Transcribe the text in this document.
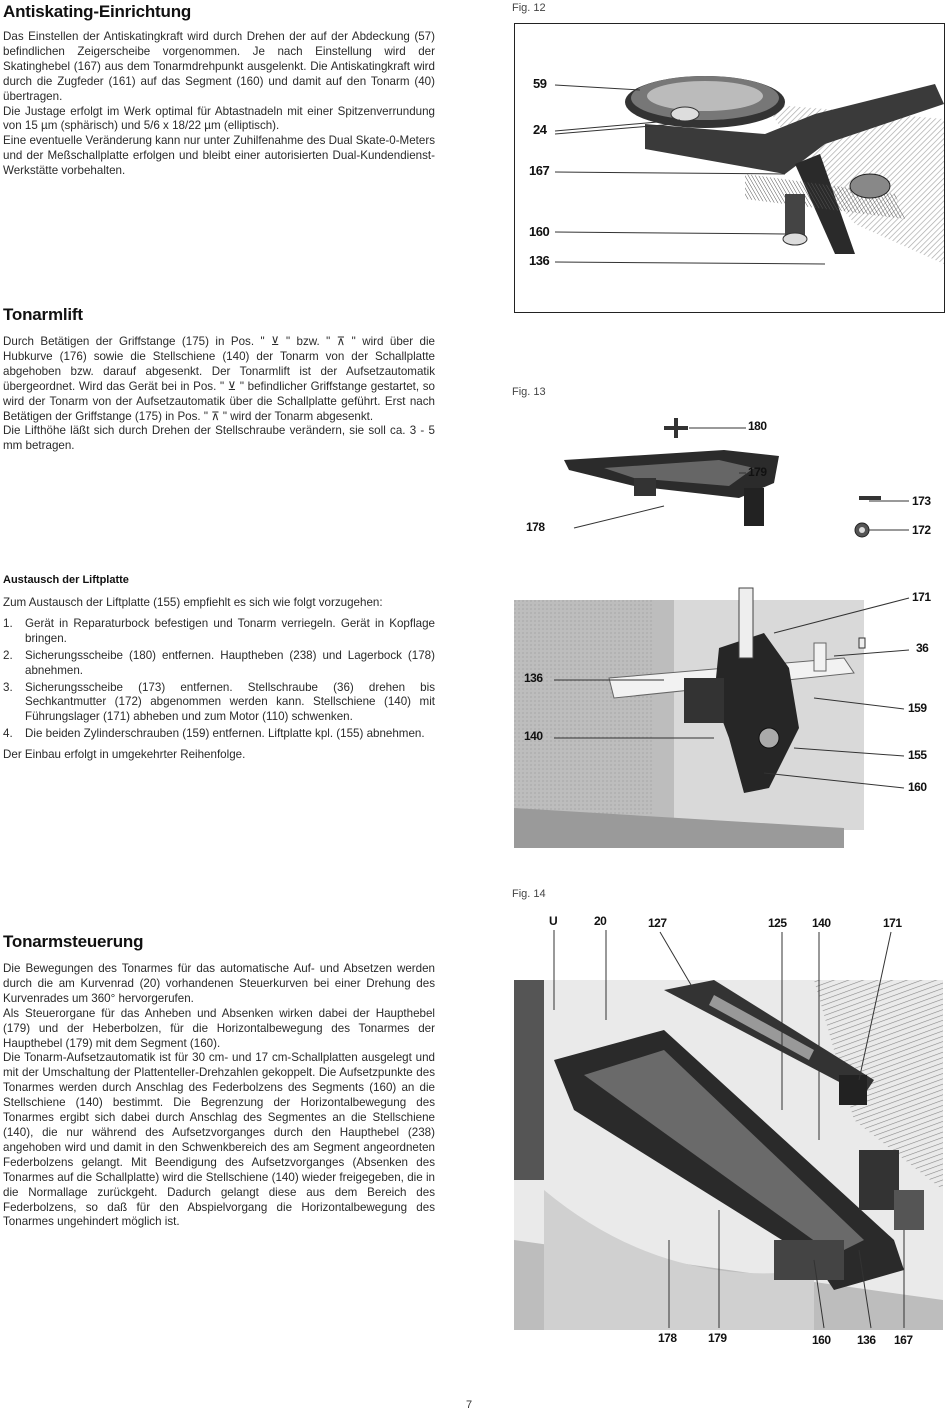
Antiskating-Einrichtung

Das Einstellen der Antiskatingkraft wird durch Drehen der auf der Abdeckung (57) befindlichen Zeigerscheibe vorgenommen. Je nach Einstellung wird der Skatinghebel (167) aus dem Tonarmdrehpunkt ausgelenkt. Die Antiskatingkraft wird durch die Zugfeder (161) auf das Segment (160) und damit auf den Tonarm (40) übertragen.

Die Justage erfolgt im Werk optimal für Abtastnadeln mit einer Spitzenverrundung von 15 µm (sphärisch) und 5/6 x 18/22 µm (elliptisch).

Eine eventuelle Veränderung kann nur unter Zuhilfenahme des Dual Skate-0-Meters und der Meßschallplatte erfolgen und bleibt einer autorisierten Dual-Kundendienst-Werkstätte vorbehalten.

Tonarmlift

Durch Betätigen der Griffstange (175) in Pos. " ⊻ " bzw. " ⊼ " wird über die Hubkurve (176) sowie die Stellschiene (140) der Tonarm von der Schallplatte abgehoben bzw. darauf abgesenkt. Der Tonarmlift ist der Aufsetzautomatik übergeordnet. Wird das Gerät bei in Pos. " ⊻ " befindlicher Griffstange gestartet, so wird der Tonarm von der Aufsetzautomatik über die Schallplatte geführt. Erst nach Betätigen der Griffstange (175) in Pos. " ⊼ " wird der Tonarm abgesenkt.

Die Lifthöhe läßt sich durch Drehen der Stellschraube verändern, sie soll ca. 3 - 5 mm betragen.

Austausch der Liftplatte

Zum Austausch der Liftplatte (155) empfiehlt es sich wie folgt vorzugehen:

1.	Gerät in Reparaturbock befestigen und Tonarm verriegeln. Gerät in Kopflage bringen.
2.	Sicherungsscheibe (180) entfernen. Hauptheben (238) und Lagerbock (178) abnehmen.
3.	Sicherungsscheibe (173) entfernen. Stellschraube (36) drehen bis Sechkantmutter (172) abgenommen werden kann. Stellschiene (140) mit Führungslager (171) abheben und zum Motor (110) schwenken.
4.	Die beiden Zylinderschrauben (159) entfernen. Liftplatte kpl. (155) abnehmen.

Der Einbau erfolgt in umgekehrter Reihenfolge.

Tonarmsteuerung

Die Bewegungen des Tonarmes für das automatische Auf- und Absetzen werden durch die am Kurvenrad (20) vorhandenen Steuerkurven bei einer Drehung des Kurvenrades um 360° hervorgerufen.

Als Steuerorgane für das Anheben und Absenken wirken dabei der Haupthebel (179) und der Heberbolzen, für die Horizontalbewegung des Tonarmes der Haupthebel (179) mit dem Segment (160).

Die Tonarm-Aufsetzautomatik ist für 30 cm- und 17 cm-Schallplatten ausgelegt und mit der Umschaltung der Plattenteller-Drehzahlen gekoppelt. Die Aufsetzpunkte des Tonarmes werden durch Anschlag des Federbolzens des Segments (160) an die Stellschiene (140) bestimmt. Die Begrenzung der Horizontalbewegung des Tonarmes ergibt sich dabei durch Anschlag des Segmentes an die Stellschiene (140), die nur während des Aufsetzvorganges durch den Haupthebel (238) angehoben wird und damit in den Schwenkbereich des am Segment angeordneten Federbolzens gelangt. Mit Beendigung des Aufsetzvorganges (Absenken des Tonarmes auf die Schallplatte) wird die Stellschiene (140) wieder freigegeben, die in die Normallage zurückgeht. Dadurch gelangt diese aus dem Bereich des Federbolzens, so daß für den Abspielvorgang die Horizontalbewegung des Tonarmes ungehindert möglich ist.

Fig. 12
59
24
167
160
136
Fig. 13
180
179
173
178	172
171
36
136
159
140
155
160
Fig. 14
U	20	127	125 140	171
178	179	160 136 167
7
